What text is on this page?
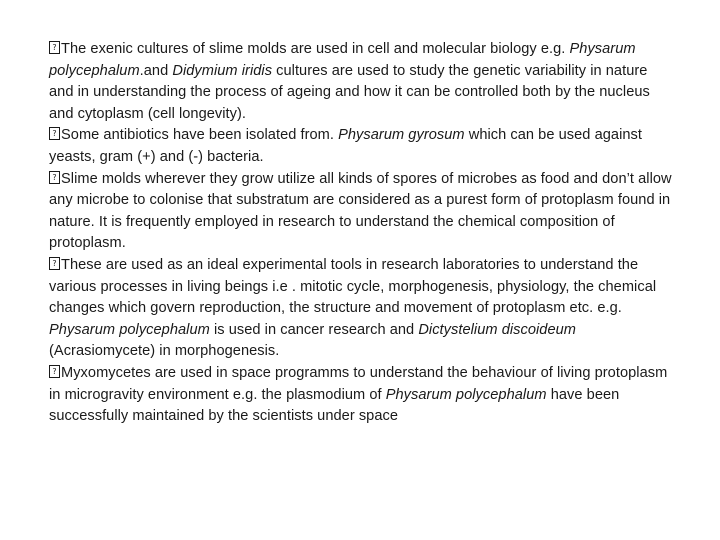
?The exenic cultures of slime molds are used in cell and molecular biology e.g. Physarum polycephalum.and Didymium iridis cultures are used to study the genetic variability in nature and in understanding the process of ageing and how it can be controlled both by the nucleus and cytoplasm (cell longevity).

?Some antibiotics have been isolated from. Physarum gyrosum which can be used against yeasts, gram (+) and (-) bacteria.

?Slime molds wherever they grow utilize all kinds of spores of microbes as food and don’t allow any microbe to colonise that substratum are considered as a purest form of protoplasm found in nature. It is frequently employed in research to understand the chemical composition of protoplasm.

?These are used as an ideal experimental tools in research laboratories to understand the various processes in living beings i.e . mitotic cycle, morphogenesis, physiology, the chemical changes which govern reproduction, the structure and movement of protoplasm etc. e.g. Physarum polycephalum is used in cancer research and Dictystelium discoideum (Acrasiomycete) in morphogenesis.

?Myxomycetes are used in space programms to understand the behaviour of living protoplasm in microgravity environment e.g. the plasmodium of Physarum polycephalum have been successfully maintained by the scientists under space
